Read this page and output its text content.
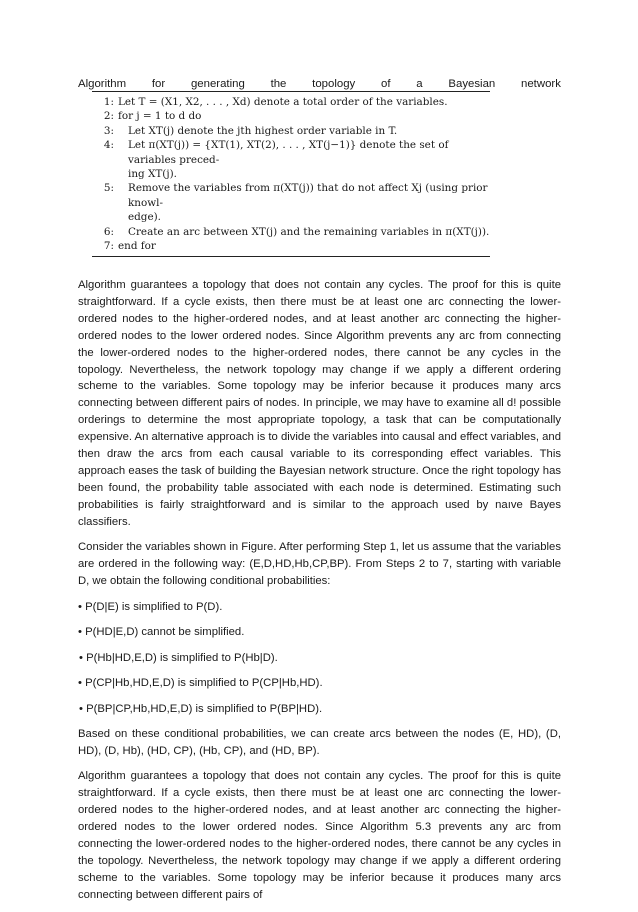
Algorithm for generating the topology of a Bayesian network
1: Let T = (X1, X2, . . . , Xd) denote a total order of the variables.
2: for j = 1 to d do
3:	Let XT(j) denote the jth highest order variable in T.
4:	Let π(XT(j)) = {XT(1), XT(2), . . . , XT(j−1)} denote the set of variables preced-
ing XT(j).
5:	Remove the variables from π(XT(j)) that do not affect Xj (using prior knowl-
edge).
6:	Create an arc between XT(j) and the remaining variables in π(XT(j)).
7: end for

Algorithm guarantees a topology that does not contain any cycles. The proof for this is quite straightforward. If a cycle exists, then there must be at least one arc connecting the lower-ordered nodes to the higher-ordered nodes, and at least another arc connecting the higher-ordered nodes to the lower ordered nodes. Since Algorithm prevents any arc from connecting the lower-ordered nodes to the higher-ordered nodes, there cannot be any cycles in the topology. Nevertheless, the network topology may change if we apply a different ordering scheme to the variables. Some topology may be inferior because it produces many arcs connecting between different pairs of nodes. In principle, we may have to examine all d! possible orderings to determine the most appropriate topology, a task that can be computationally expensive. An alternative approach is to divide the variables into causal and effect variables, and then draw the arcs from each causal variable to its corresponding effect variables. This approach eases the task of building the Bayesian network structure. Once the right topology has been found, the probability table associated with each node is determined. Estimating such probabilities is fairly straightforward and is similar to the approach used by naıve Bayes classifiers.

Consider the variables shown in Figure. After performing Step 1, let us assume that the variables are ordered in the following way: (E,D,HD,Hb,CP,BP). From Steps 2 to 7, starting with variable D, we obtain the following conditional probabilities:

• P(D|E) is simplified to P(D).
• P(HD|E,D) cannot be simplified.
• P(Hb|HD,E,D) is simplified to P(Hb|D).
• P(CP|Hb,HD,E,D) is simplified to P(CP|Hb,HD).
• P(BP|CP,Hb,HD,E,D) is simplified to P(BP|HD).

Based on these conditional probabilities, we can create arcs between the nodes (E, HD), (D, HD), (D, Hb), (HD, CP), (Hb, CP), and (HD, BP).

Algorithm guarantees a topology that does not contain any cycles. The proof for this is quite straightforward. If a cycle exists, then there must be at least one arc connecting the lower-ordered nodes to the higher-ordered nodes, and at least another arc connecting the higher-ordered nodes to the lower ordered nodes. Since Algorithm 5.3 prevents any arc from connecting the lower-ordered nodes to the higher-ordered nodes, there cannot be any cycles in the topology. Nevertheless, the network topology may change if we apply a different ordering scheme to the variables. Some topology may be inferior because it produces many arcs connecting between different pairs of
